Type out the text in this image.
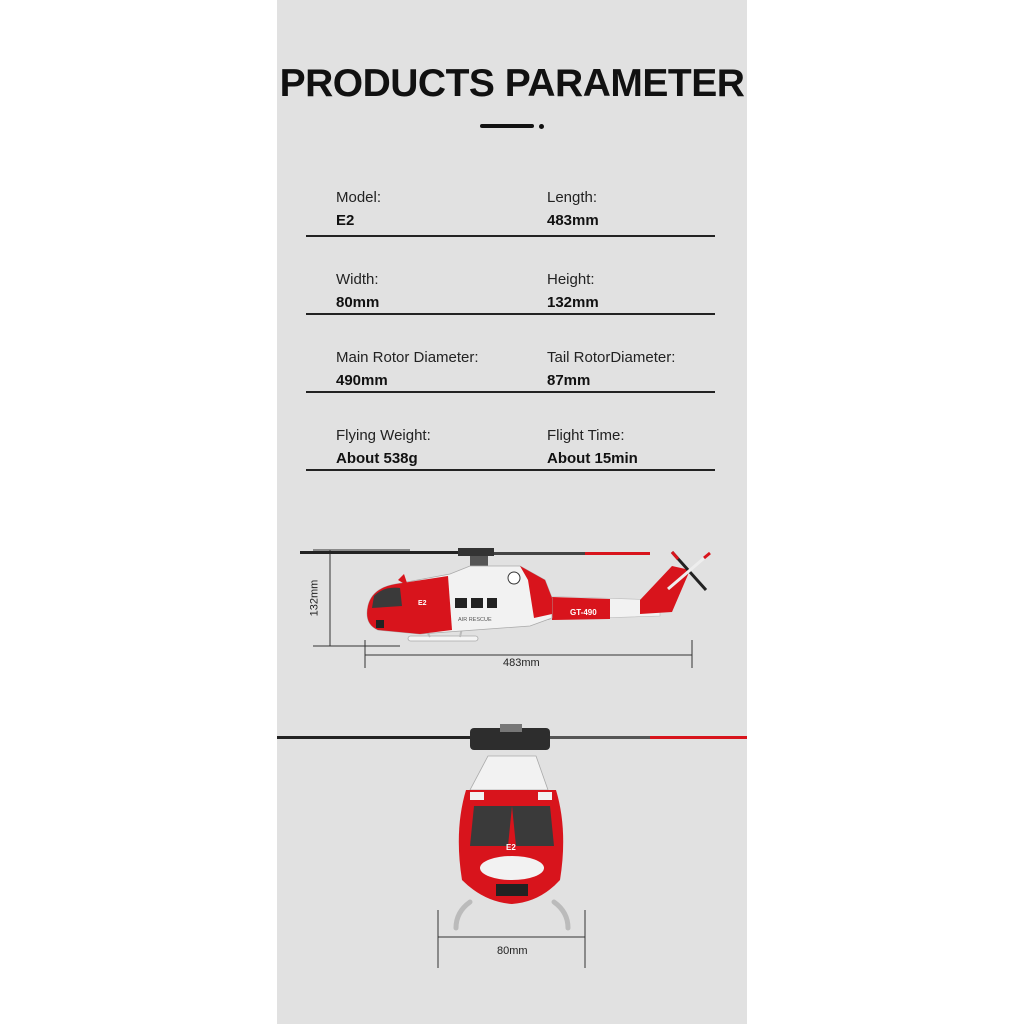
PRODUCTS PARAMETER
Model:
E2
Length:
483mm
Width:
80mm
Height:
132mm
Main Rotor Diameter:
490mm
Tail RotorDiameter:
87mm
Flying Weight:
About 538g
Flight Time:
About 15min
AIR RESCUE
GT-490
E2
E2
132mm
483mm
80mm
